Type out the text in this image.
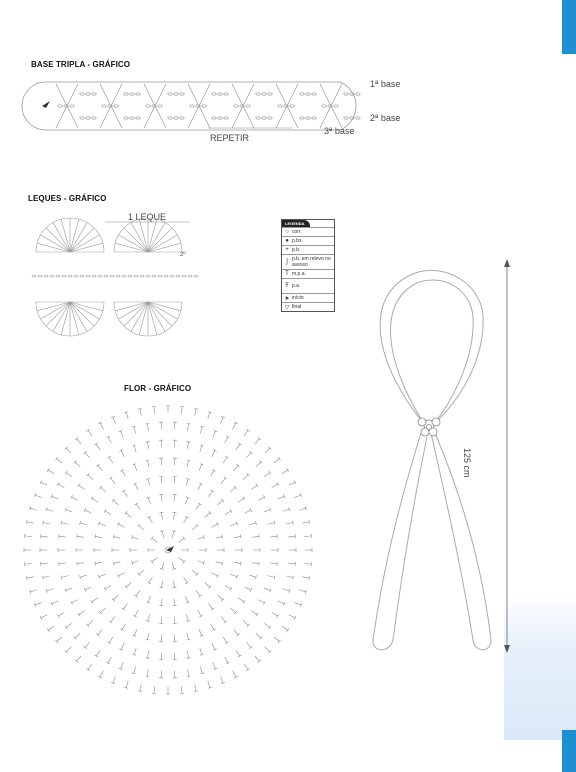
BASE TRIPLA - GRÁFICO
1ª base
2ª base
3ª base
REPETIR
LEQUES - GRÁFICO
1 LEQUE
2º
LEGENDA
○ corr.
● p.bx.
+ p.b.
ʃ p.b. em relevo no avesso
T m.p.a.
Ŧ p.a.
➤ início
▽ final
FLOR - GRÁFICO
125 cm
